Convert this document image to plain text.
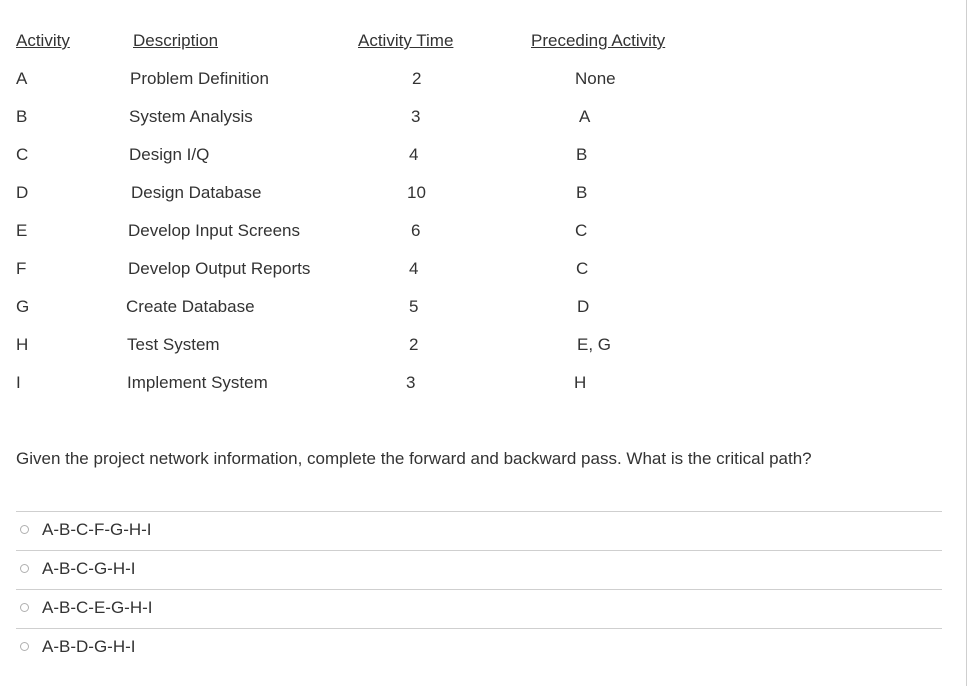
Activity	Description	Activity Time	Preceding Activity
A	Problem Definition	2	None
B	System Analysis	3	A
C	Design I/Q	4	B
D	Design Database	10	B
E	Develop Input Screens	6	C
F	Develop Output Reports	4	C
G	Create Database	5	D
H	Test System	2	E, G
I	Implement System	3	H
Given the project network information, complete the forward and backward pass. What is the critical path?
A-B-C-F-G-H-I
A-B-C-G-H-I
A-B-C-E-G-H-I
A-B-D-G-H-I
